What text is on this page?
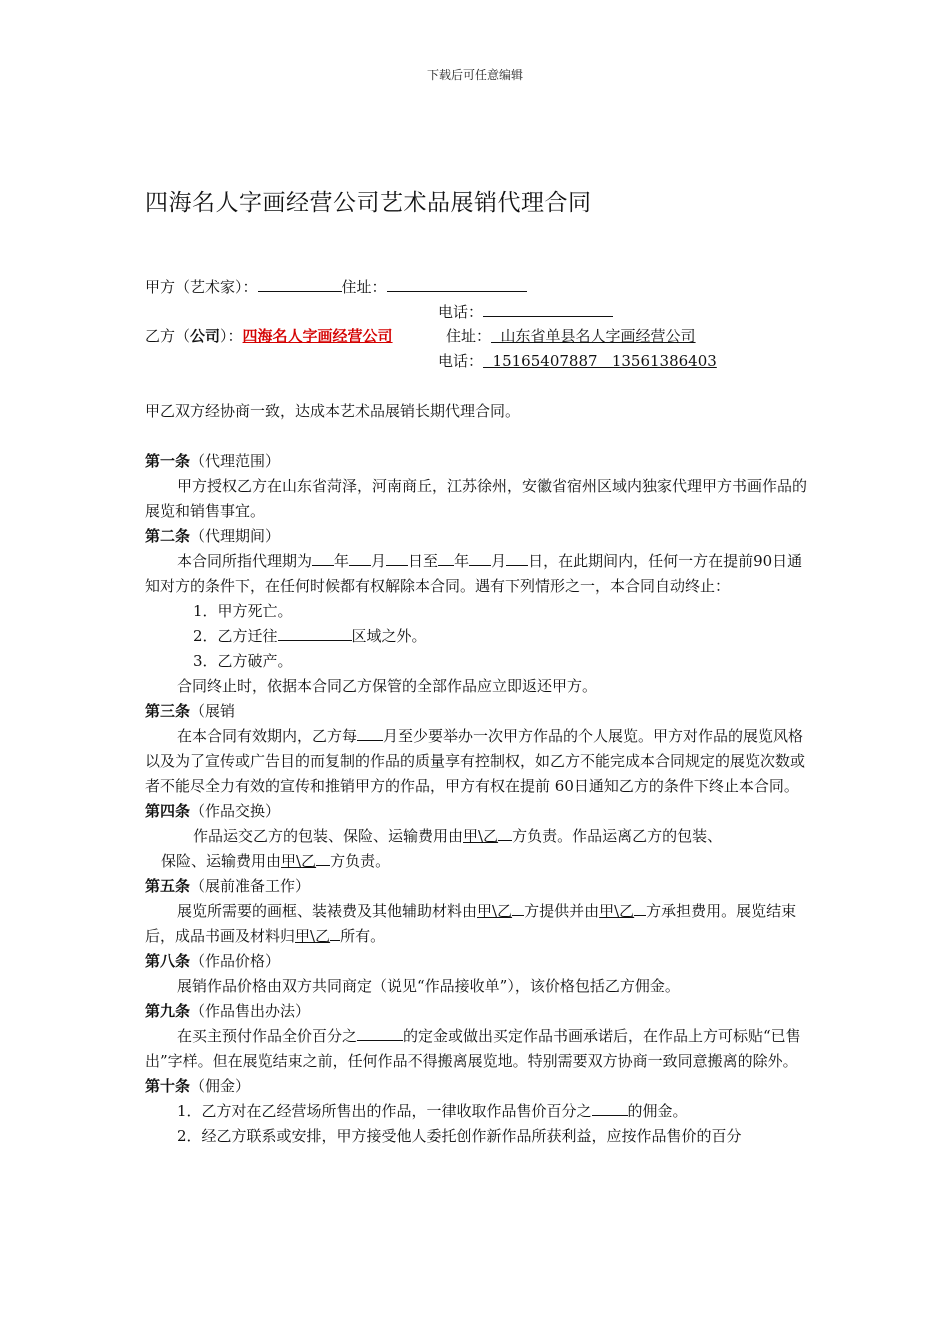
下载后可任意编辑
四海名人字画经营公司艺术品展销代理合同
甲方（艺术家）：	住址：
电话：
乙方（公司）：四海名人字画经营公司	住址：  山东省单县名人字画经营公司
电话：  15165407887   13561386403
甲乙双方经协商一致，达成本艺术品展销长期代理合同。

第一条（代理范围）

甲方授权乙方在山东省菏泽，河南商丘，江苏徐州，安徽省宿州区域内独家代理甲方书画作品的展览和销售事宜。

第二条（代理期间）

本合同所指代理期为 年 月 日至 年 月 日，在此期间内，任何一方在提前90日通知对方的条件下，在任何时候都有权解除本合同。遇有下列情形之一，本合同自动终止：

1．甲方死亡。

2．乙方迁往	区域之外。

3．乙方破产。

合同终止时，依据本合同乙方保管的全部作品应立即返还甲方。

第三条（展销

在本合同有效期内，乙方每 月至少要举办一次甲方作品的个人展览。甲方对作品的展览风格以及为了宣传或广告目的而复制的作品的质量享有控制权，如乙方不能完成本合同规定的展览次数或者不能尽全力有效的宣传和推销甲方的作品，甲方有权在提前 60日通知乙方的条件下终止本合同。

第四条（作品交换）

作品运交乙方的包装、保险、运输费用由甲\乙 方负责。作品运离乙方的包装、

保险、运输费用由甲\乙 方负责。

第五条（展前准备工作）

展览所需要的画框、装裱费及其他辅助材料由甲\乙 方提供并由甲\乙 方承担费用。展览结束后，成品书画及材料归甲\乙 所有。

第八条（作品价格）

展销作品价格由双方共同商定（说见“作品接收单”），该价格包括乙方佣金。

第九条（作品售出办法）

在买主预付作品全价百分之	的定金或做出买定作品书画承诺后，在作品上方可标贴“已售出”字样。但在展览结束之前，任何作品不得搬离展览地。特别需要双方协商一致同意搬离的除外。

第十条（佣金）

1．乙方对在乙经营场所售出的作品，一律收取作品售价百分之 的佣金。

2．经乙方联系或安排，甲方接受他人委托创作新作品所获利益，应按作品售价的百分
